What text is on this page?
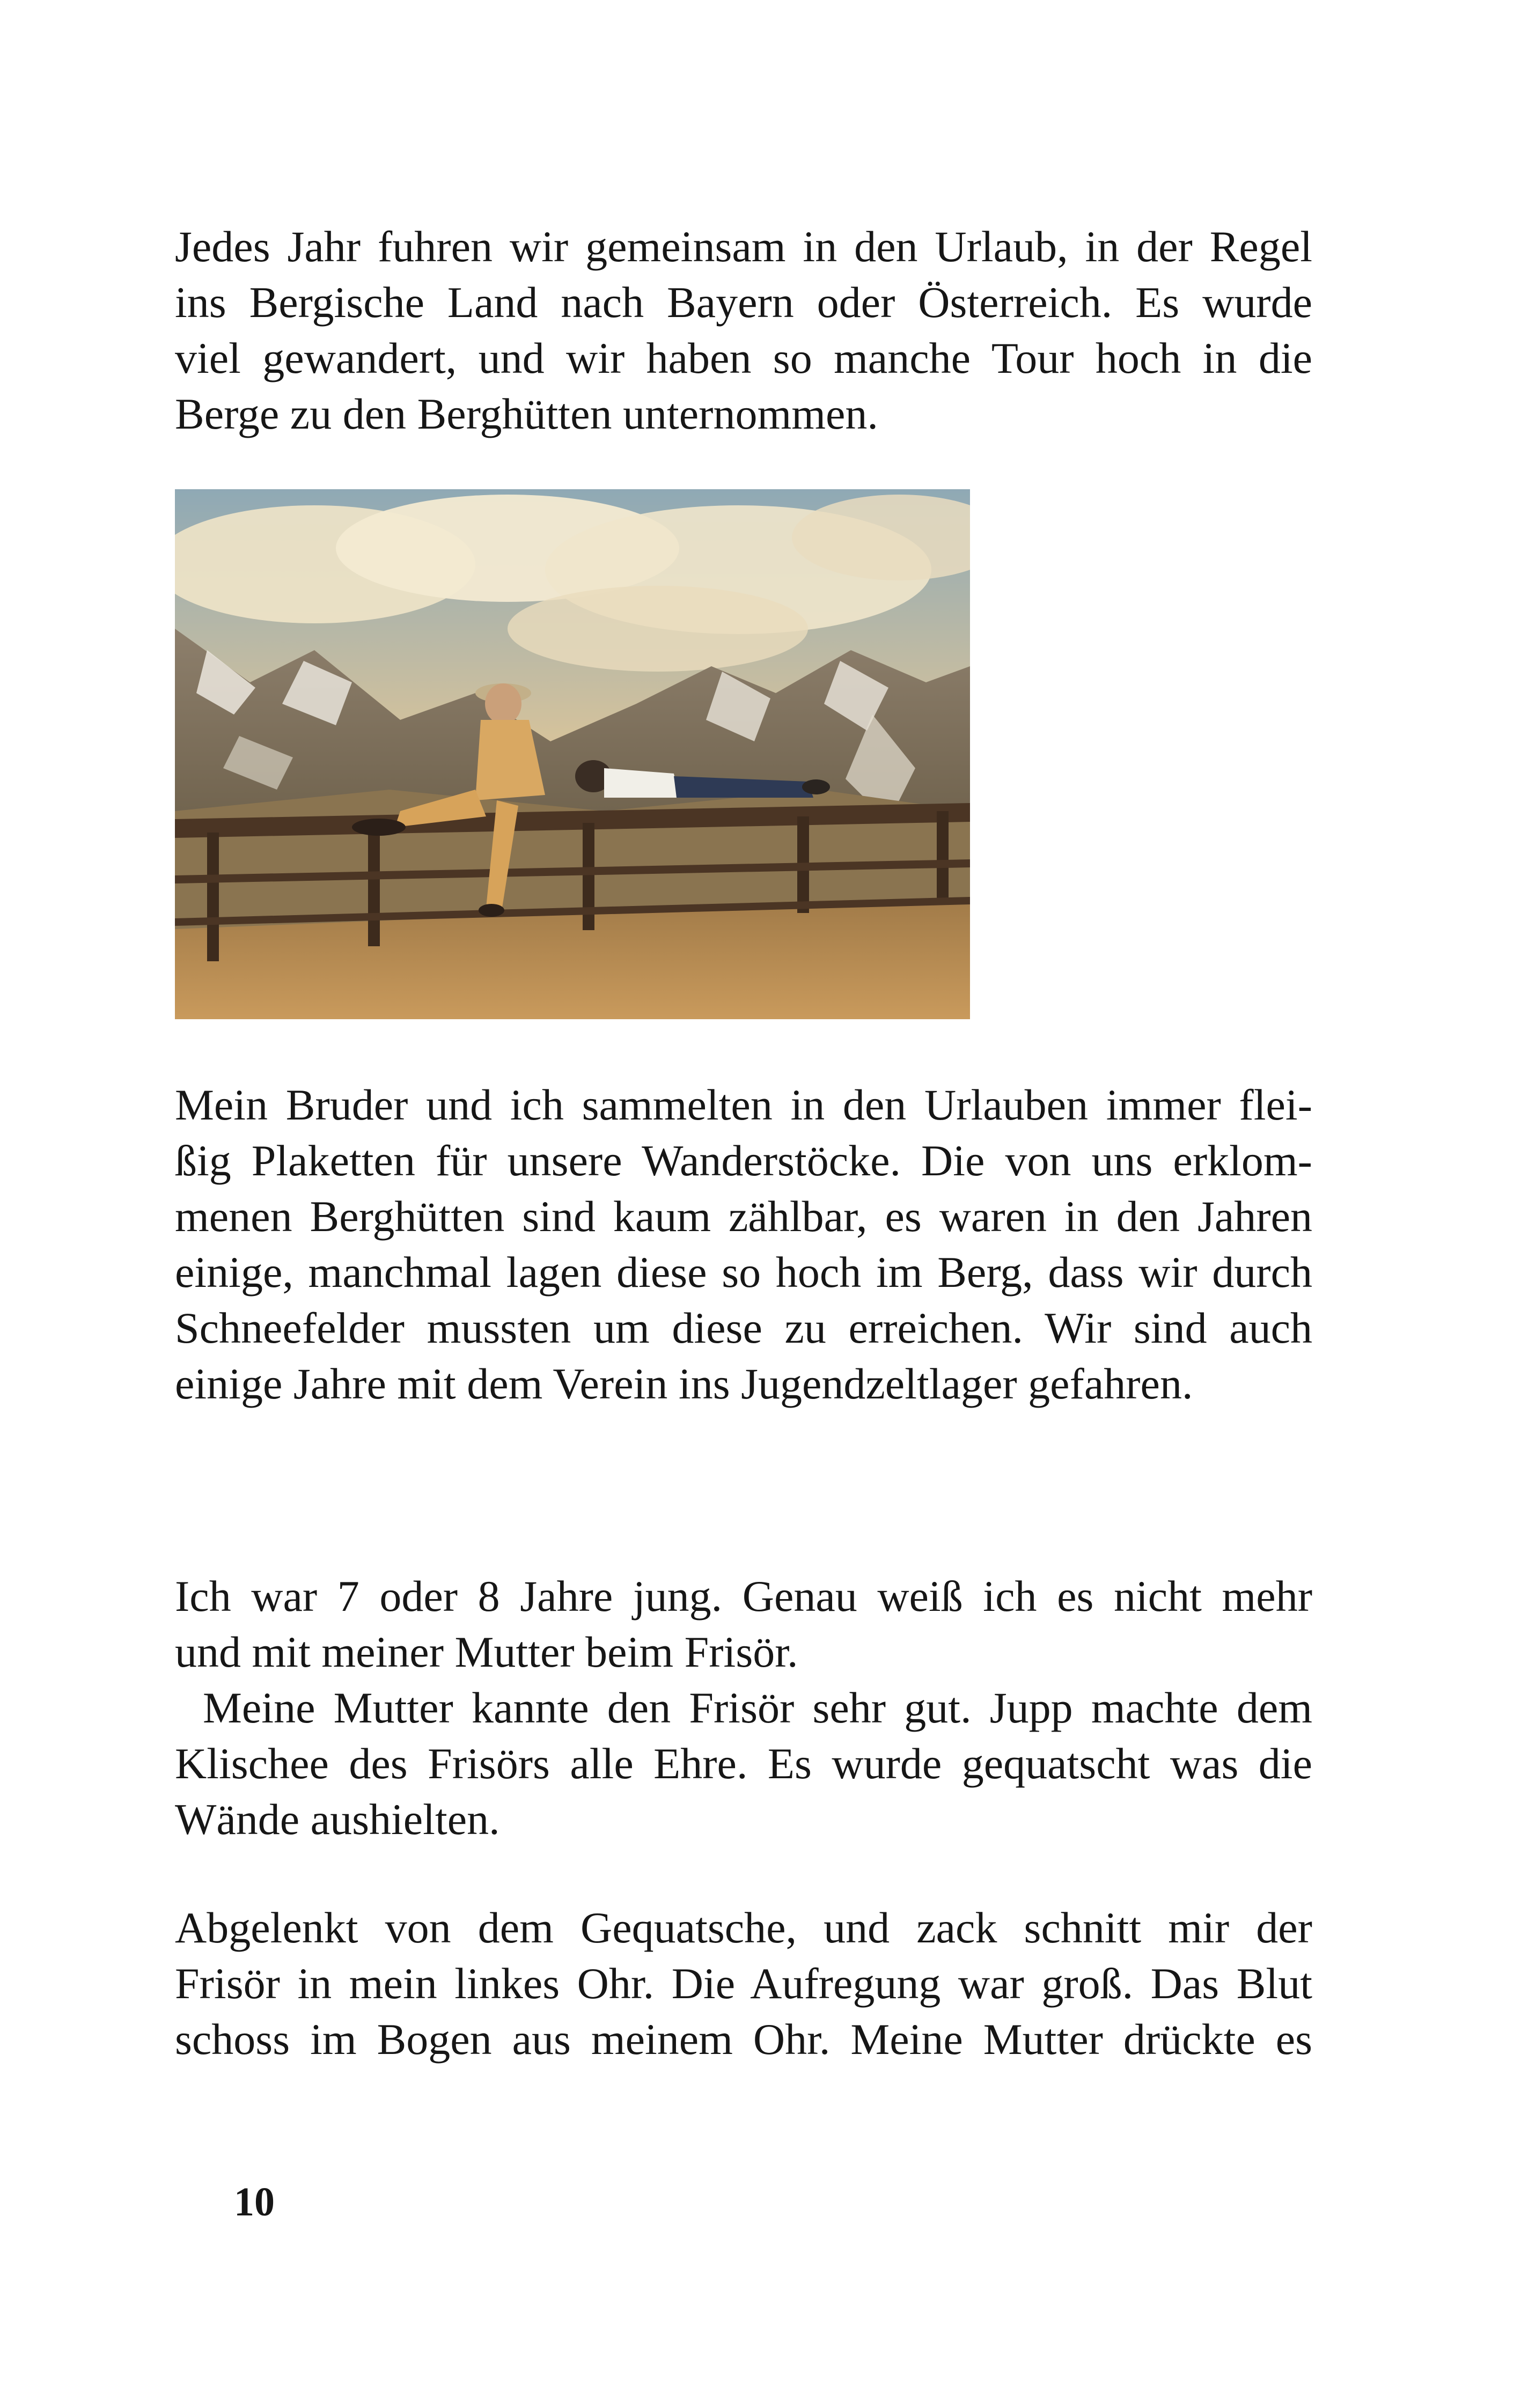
Jedes Jahr fuhren wir gemeinsam in den Urlaub, in der Regel
ins Bergische Land nach Bayern oder Österreich. Es wurde
viel gewandert, und wir haben so manche Tour hoch in die
Berge zu den Berghütten unternommen.

Mein Bruder und ich sammelten in den Urlauben immer flei-
ßig Plaketten für unsere Wanderstöcke. Die von uns erklom-
menen Berghütten sind kaum zählbar, es waren in den Jahren
einige, manchmal lagen diese so hoch im Berg, dass wir durch
Schneefelder mussten um diese zu erreichen. Wir sind auch
einige Jahre mit dem Verein ins Jugendzeltlager gefahren.

Ich war 7 oder 8 Jahre jung. Genau weiß ich es nicht mehr
und mit meiner Mutter beim Frisör.
Meine Mutter kannte den Frisör sehr gut. Jupp machte dem
Klischee des Frisörs alle Ehre. Es wurde gequatscht was die
Wände aushielten.

Abgelenkt von dem Gequatsche, und zack schnitt mir der
Frisör in mein linkes Ohr. Die Aufregung war groß. Das Blut
schoss im Bogen aus meinem Ohr. Meine Mutter drückte es

10
